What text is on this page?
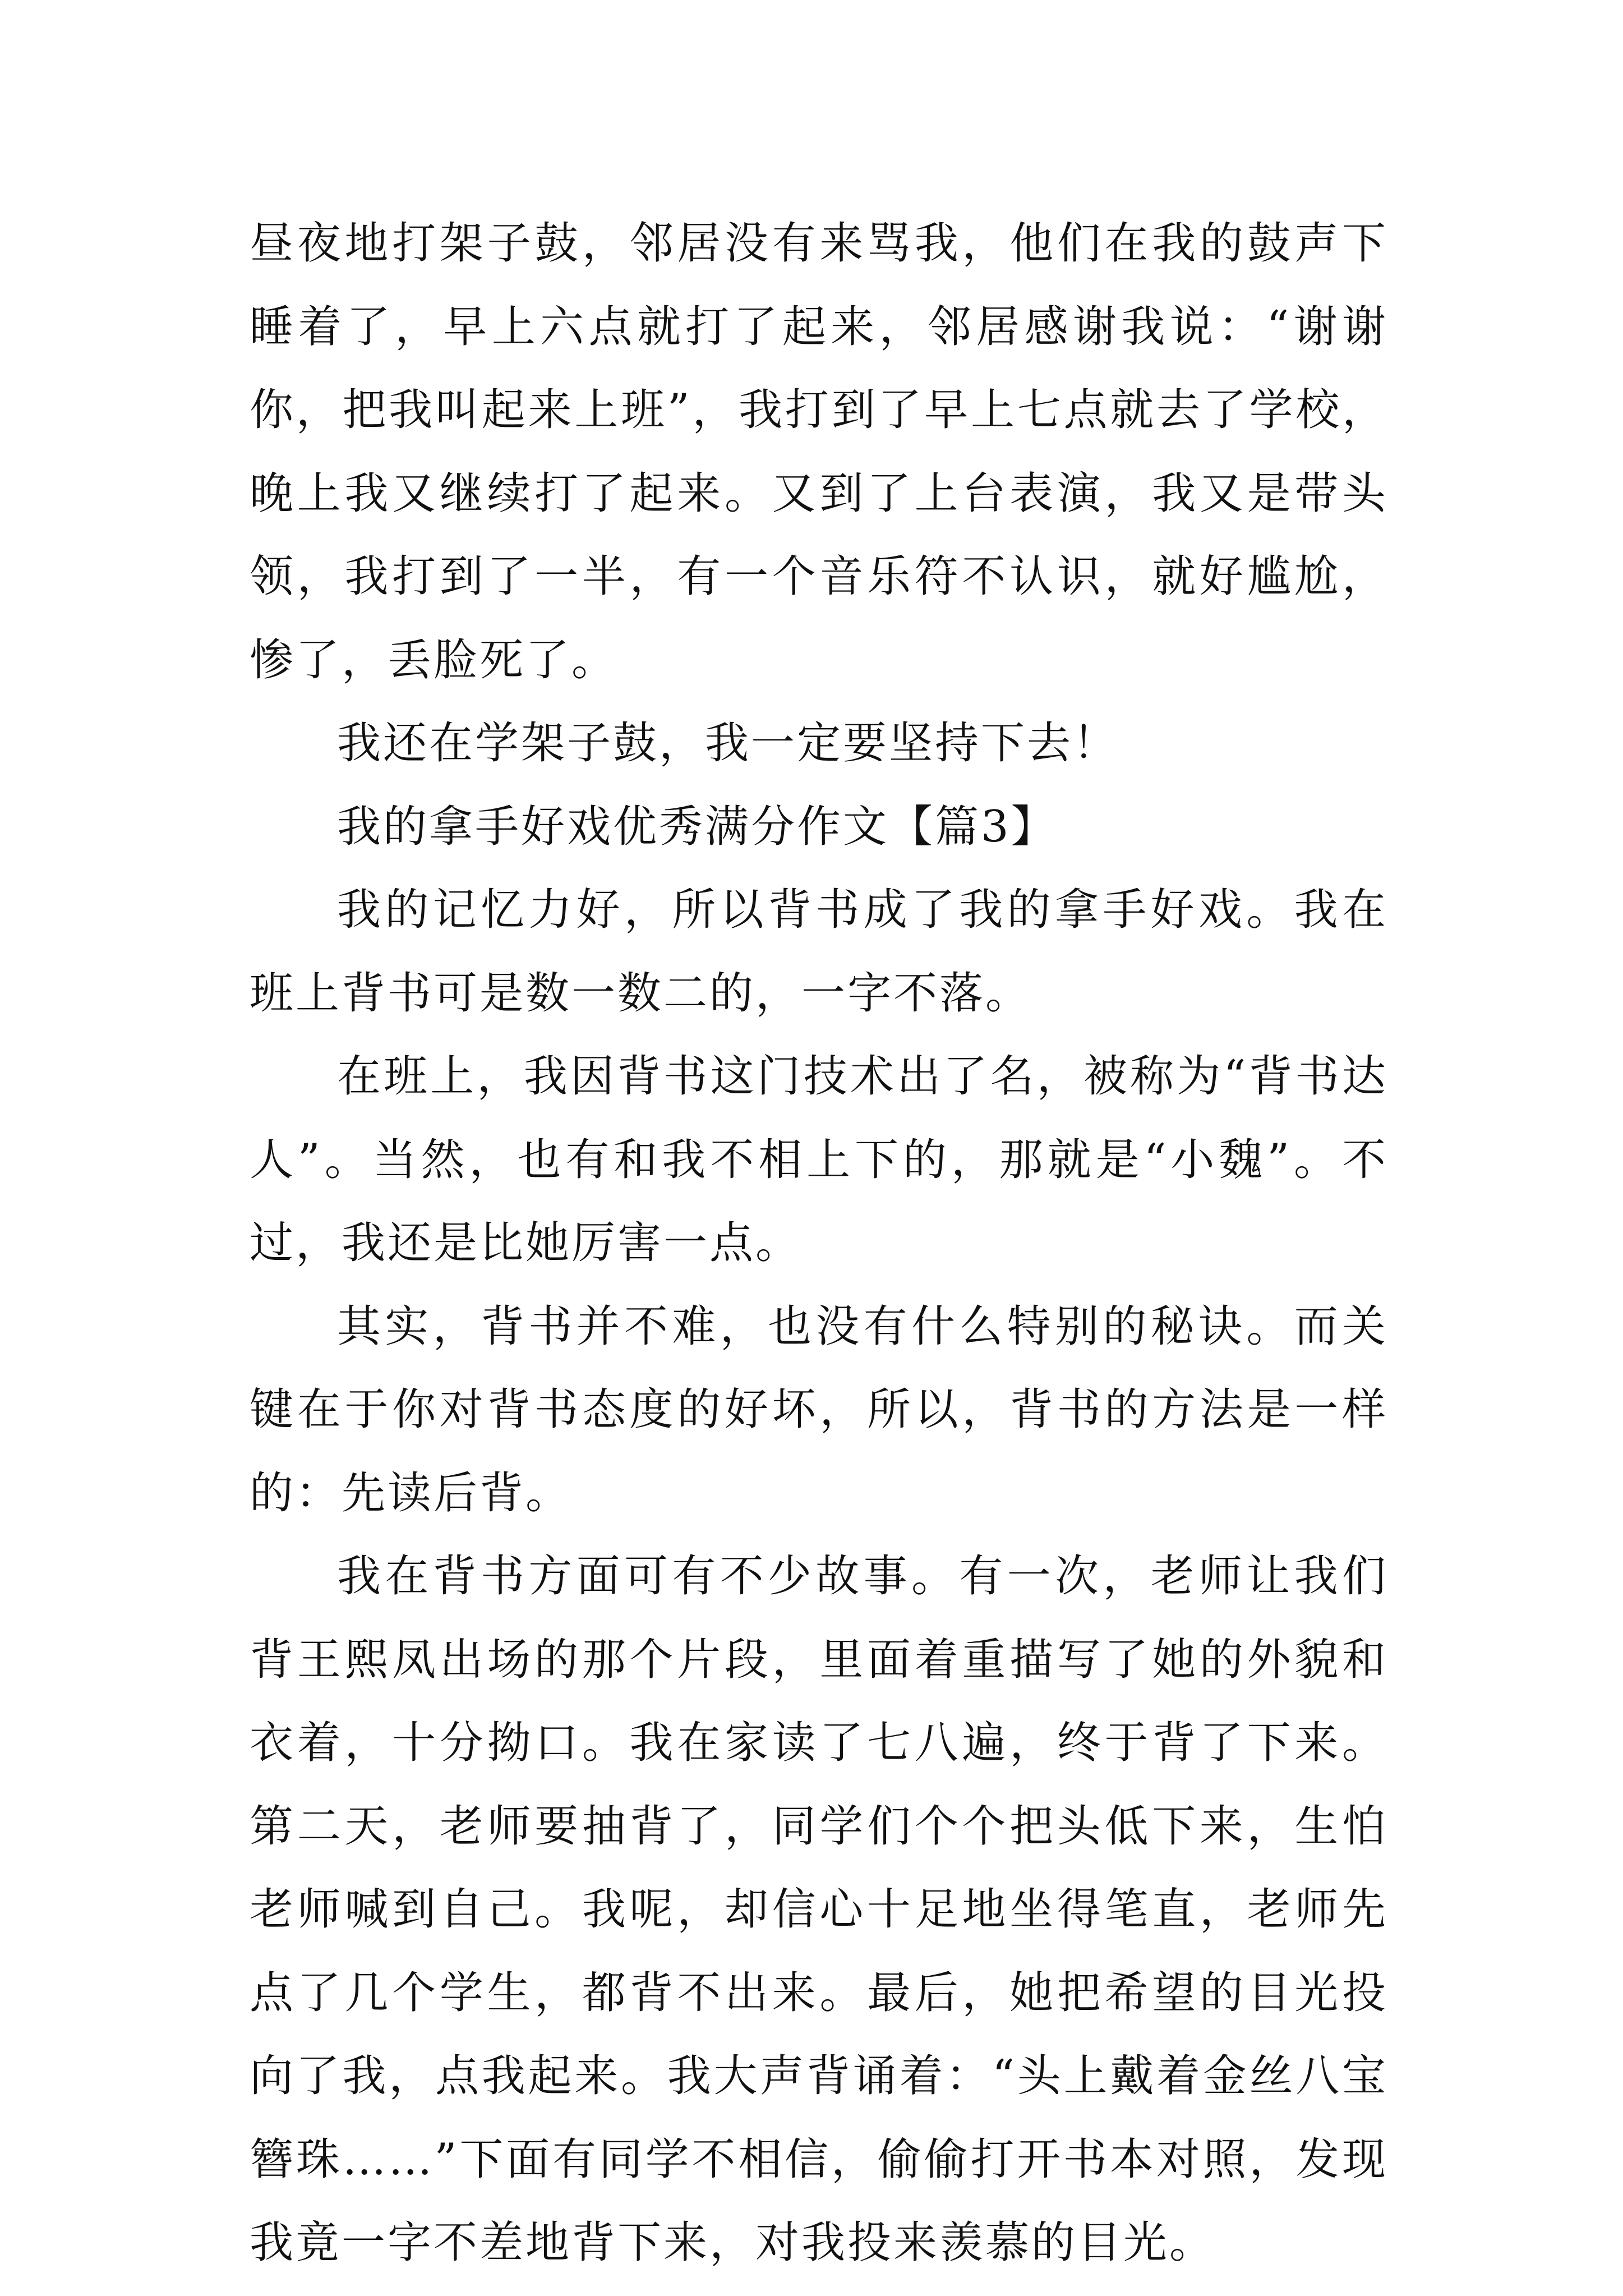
昼夜地打架子鼓，邻居没有来骂我，他们在我的鼓声下睡着了，早上六点就打了起来，邻居感谢我说：“谢谢你，把我叫起来上班”，我打到了早上七点就去了学校，晚上我又继续打了起来。又到了上台表演，我又是带头领，我打到了一半，有一个音乐符不认识，就好尴尬，惨了，丢脸死了。

我还在学架子鼓，我一定要坚持下去！

我的拿手好戏优秀满分作文【篇3】

我的记忆力好，所以背书成了我的拿手好戏。我在班上背书可是数一数二的，一字不落。

在班上，我因背书这门技术出了名，被称为“背书达人”。当然，也有和我不相上下的，那就是“小魏”。不过，我还是比她厉害一点。

其实，背书并不难，也没有什么特别的秘诀。而关键在于你对背书态度的好坏，所以，背书的方法是一样的：先读后背。

我在背书方面可有不少故事。有一次，老师让我们背王熙凤出场的那个片段，里面着重描写了她的外貌和衣着，十分拗口。我在家读了七八遍，终于背了下来。第二天，老师要抽背了，同学们个个把头低下来，生怕老师喊到自己。我呢，却信心十足地坐得笔直，老师先点了几个学生，都背不出来。最后，她把希望的目光投向了我，点我起来。我大声背诵着：“头上戴着金丝八宝簪珠……”下面有同学不相信，偷偷打开书本对照，发现我竟一字不差地背下来，对我投来羡慕的目光。
